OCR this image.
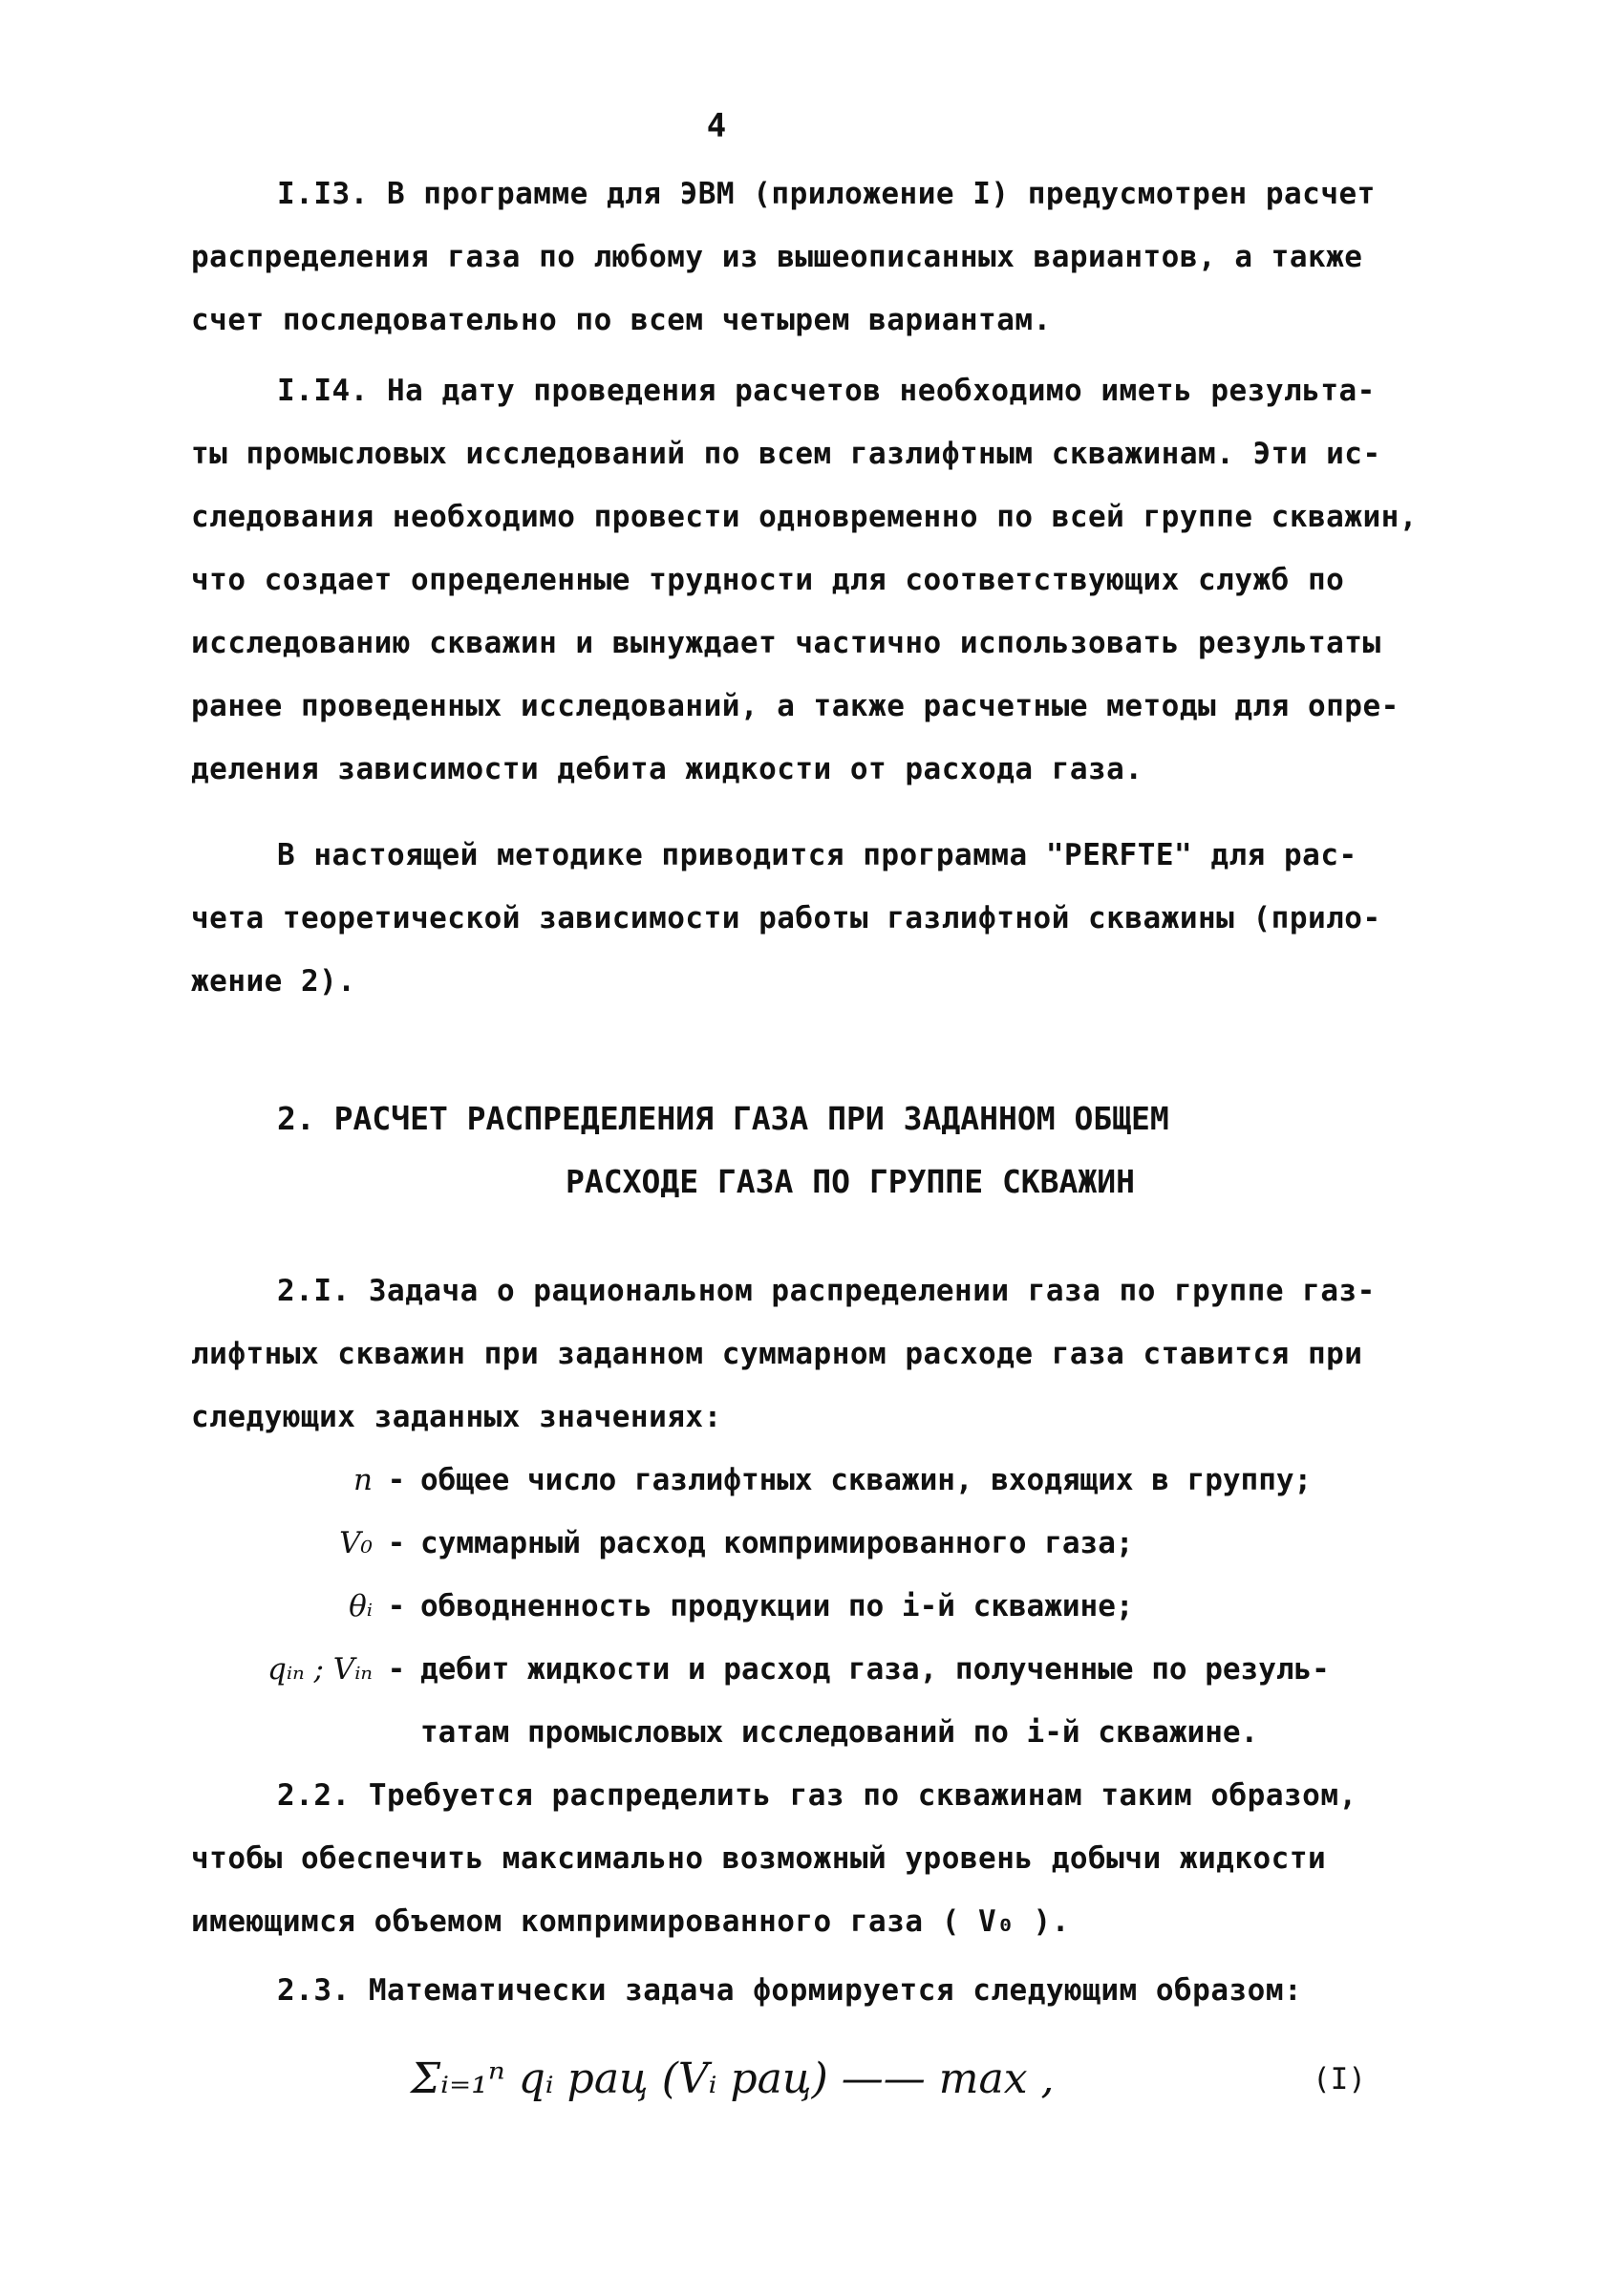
4
I.I3. В программе для ЭВМ (приложение I) предусмотрен расчет
распределения газа по любому из вышеописанных вариантов, а также
счет последовательно по всем четырем вариантам.
I.I4. На дату проведения расчетов необходимо иметь результа-
ты промысловых исследований по всем газлифтным скважинам. Эти ис-
следования необходимо провести одновременно по всей группе скважин,
что создает определенные трудности для соответствующих служб по
исследованию скважин и вынуждает частично использовать результаты
ранее проведенных исследований, а также расчетные методы для опре-
деления зависимости дебита жидкости от расхода газа.
В настоящей методике приводится программа "PERFTE" для рас-
чета теоретической зависимости работы газлифтной скважины (прило-
жение 2).
2. РАСЧЕТ РАСПРЕДЕЛЕНИЯ ГАЗА ПРИ ЗАДАННОМ ОБЩЕМ
РАСХОДЕ ГАЗА ПО ГРУППЕ СКВАЖИН
2.I. Задача о рациональном распределении газа по группе газ-
лифтных скважин при заданном суммарном расходе газа ставится при
следующих заданных значениях:
n - общее число газлифтных скважин, входящих в группу;
V₀ - суммарный расход компримированного газа;
θᵢ - обводненность продукции по i-й скважине;
qᵢₙ ; Vᵢₙ - дебит жидкости и расход газа, полученные по резуль-
татам промысловых исследований по i-й скважине.
2.2. Требуется распределить газ по скважинам таким образом,
чтобы обеспечить максимально возможный уровень добычи жидкости
имеющимся объемом компримированного газа ( V₀ ).
2.3. Математически задача формируется следующим образом:
Σᵢ₌₁ⁿ qᵢ рац (Vᵢ рац) —— max ,	(I)
